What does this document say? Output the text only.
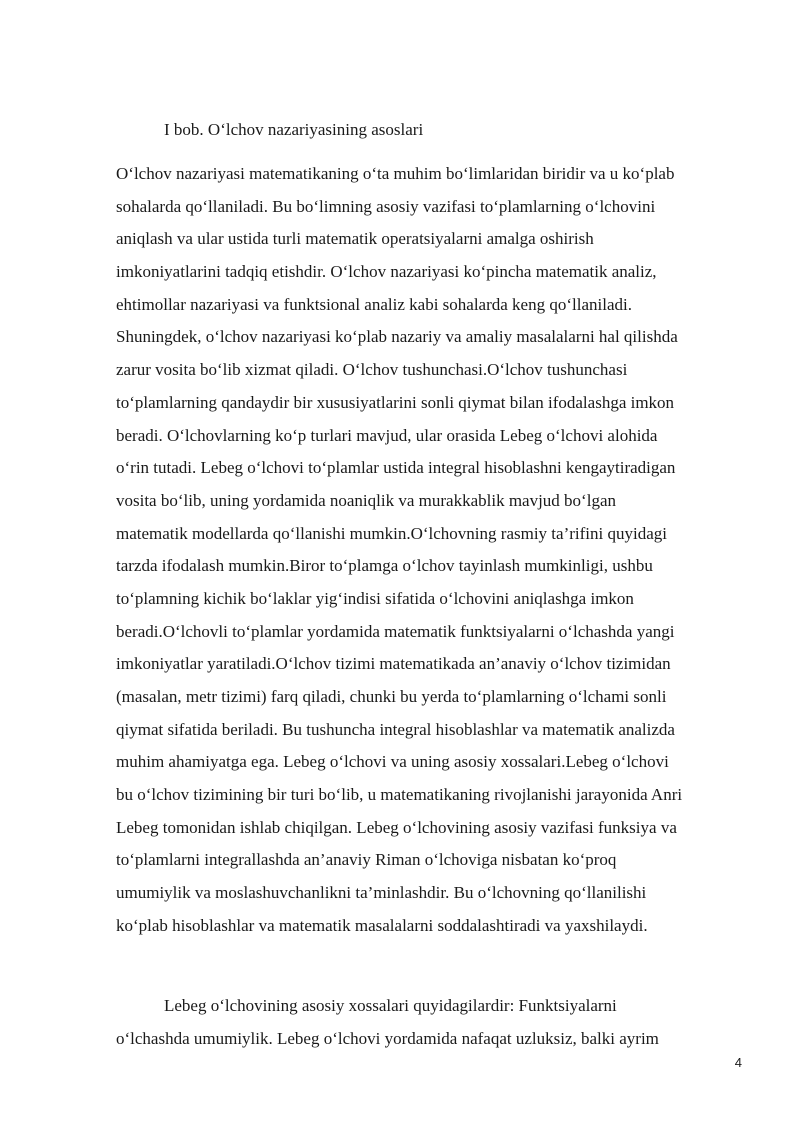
I bob. O‘lchov nazariyasining asoslari
O‘lchov nazariyasi matematikaning o‘ta muhim bo‘limlaridan biridir va u ko‘plab
sohalarda qo‘llaniladi. Bu bo‘limning asosiy vazifasi to‘plamlarning o‘lchovini
aniqlash va ular ustida turli matematik operatsiyalarni amalga oshirish
imkoniyatlarini tadqiq etishdir. O‘lchov nazariyasi ko‘pincha matematik analiz,
ehtimollar nazariyasi va funktsional analiz kabi sohalarda keng qo‘llaniladi.
Shuningdek, o‘lchov nazariyasi ko‘plab nazariy va amaliy masalalarni hal qilishda
zarur vosita bo‘lib xizmat qiladi. O‘lchov tushunchasi.O‘lchov tushunchasi
to‘plamlarning qandaydir bir xususiyatlarini sonli qiymat bilan ifodalashga imkon
beradi. O‘lchovlarning ko‘p turlari mavjud, ular orasida Lebeg o‘lchovi alohida
o‘rin tutadi. Lebeg o‘lchovi to‘plamlar ustida integral hisoblashni kengaytiradigan
vosita bo‘lib, uning yordamida noaniqlik va murakkablik mavjud bo‘lgan
matematik modellarda qo‘llanishi mumkin.O‘lchovning rasmiy ta’rifini quyidagi
tarzda ifodalash mumkin.Biror to‘plamga o‘lchov tayinlash mumkinligi, ushbu
to‘plamning kichik bo‘laklar yig‘indisi sifatida o‘lchovini aniqlashga imkon
beradi.O‘lchovli to‘plamlar yordamida matematik funktsiyalarni o‘lchashda yangi
imkoniyatlar yaratiladi.O‘lchov tizimi matematikada an’anaviy o‘lchov tizimidan
(masalan, metr tizimi) farq qiladi, chunki bu yerda to‘plamlarning o‘lchami sonli
qiymat sifatida beriladi. Bu tushuncha integral hisoblashlar va matematik analizda
muhim ahamiyatga ega. Lebeg o‘lchovi va uning asosiy xossalari.Lebeg o‘lchovi
bu o‘lchov tizimining bir turi bo‘lib, u matematikaning rivojlanishi jarayonida Anri
Lebeg tomonidan ishlab chiqilgan. Lebeg o‘lchovining asosiy vazifasi funksiya va
to‘plamlarni integrallashda an’anaviy Riman o‘lchoviga nisbatan ko‘proq
umumiylik va moslashuvchanlikni ta’minlashdir. Bu o‘lchovning qo‘llanilishi
ko‘plab hisoblashlar va matematik masalalarni soddalashtiradi va yaxshilaydi.
Lebeg o‘lchovining asosiy xossalari quyidagilardir: Funktsiyalarni
o‘lchashda umumiylik. Lebeg o‘lchovi yordamida nafaqat uzluksiz, balki ayrim
4
